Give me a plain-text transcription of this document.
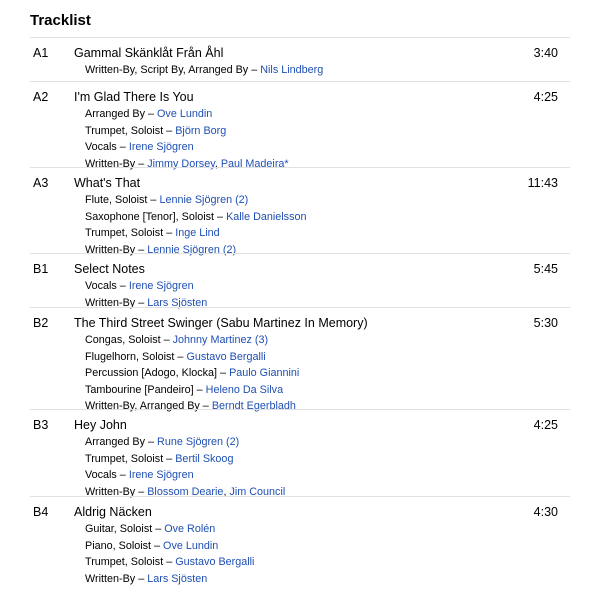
Tracklist
A1 Gammal Skänklåt Från Åhl	3:40
Written-By, Script By, Arranged By – Nils Lindberg
A2 I'm Glad There Is You	4:25
Arranged By – Ove Lundin
Trumpet, Soloist – Björn Borg
Vocals – Irene Sjögren
Written-By – Jimmy Dorsey, Paul Madeira*
A3 What's That	11:43
Flute, Soloist – Lennie Sjögren (2)
Saxophone [Tenor], Soloist – Kalle Danielsson
Trumpet, Soloist – Inge Lind
Written-By – Lennie Sjögren (2)
B1 Select Notes	5:45
Vocals – Irene Sjögren
Written-By – Lars Sjösten
B2 The Third Street Swinger (Sabu Martinez In Memory)	5:30
Congas, Soloist – Johnny Martinez (3)
Flugelhorn, Soloist – Gustavo Bergalli
Percussion [Adogo, Klocka] – Paulo Giannini
Tambourine [Pandeiro] – Heleno Da Silva
Written-By, Arranged By – Berndt Egerbladh
B3 Hey John	4:25
Arranged By – Rune Sjögren (2)
Trumpet, Soloist – Bertil Skoog
Vocals – Irene Sjögren
Written-By – Blossom Dearie, Jim Council
B4 Aldrig Näcken	4:30
Guitar, Soloist – Ove Rolén
Piano, Soloist – Ove Lundin
Trumpet, Soloist – Gustavo Bergalli
Written-By – Lars Sjösten
